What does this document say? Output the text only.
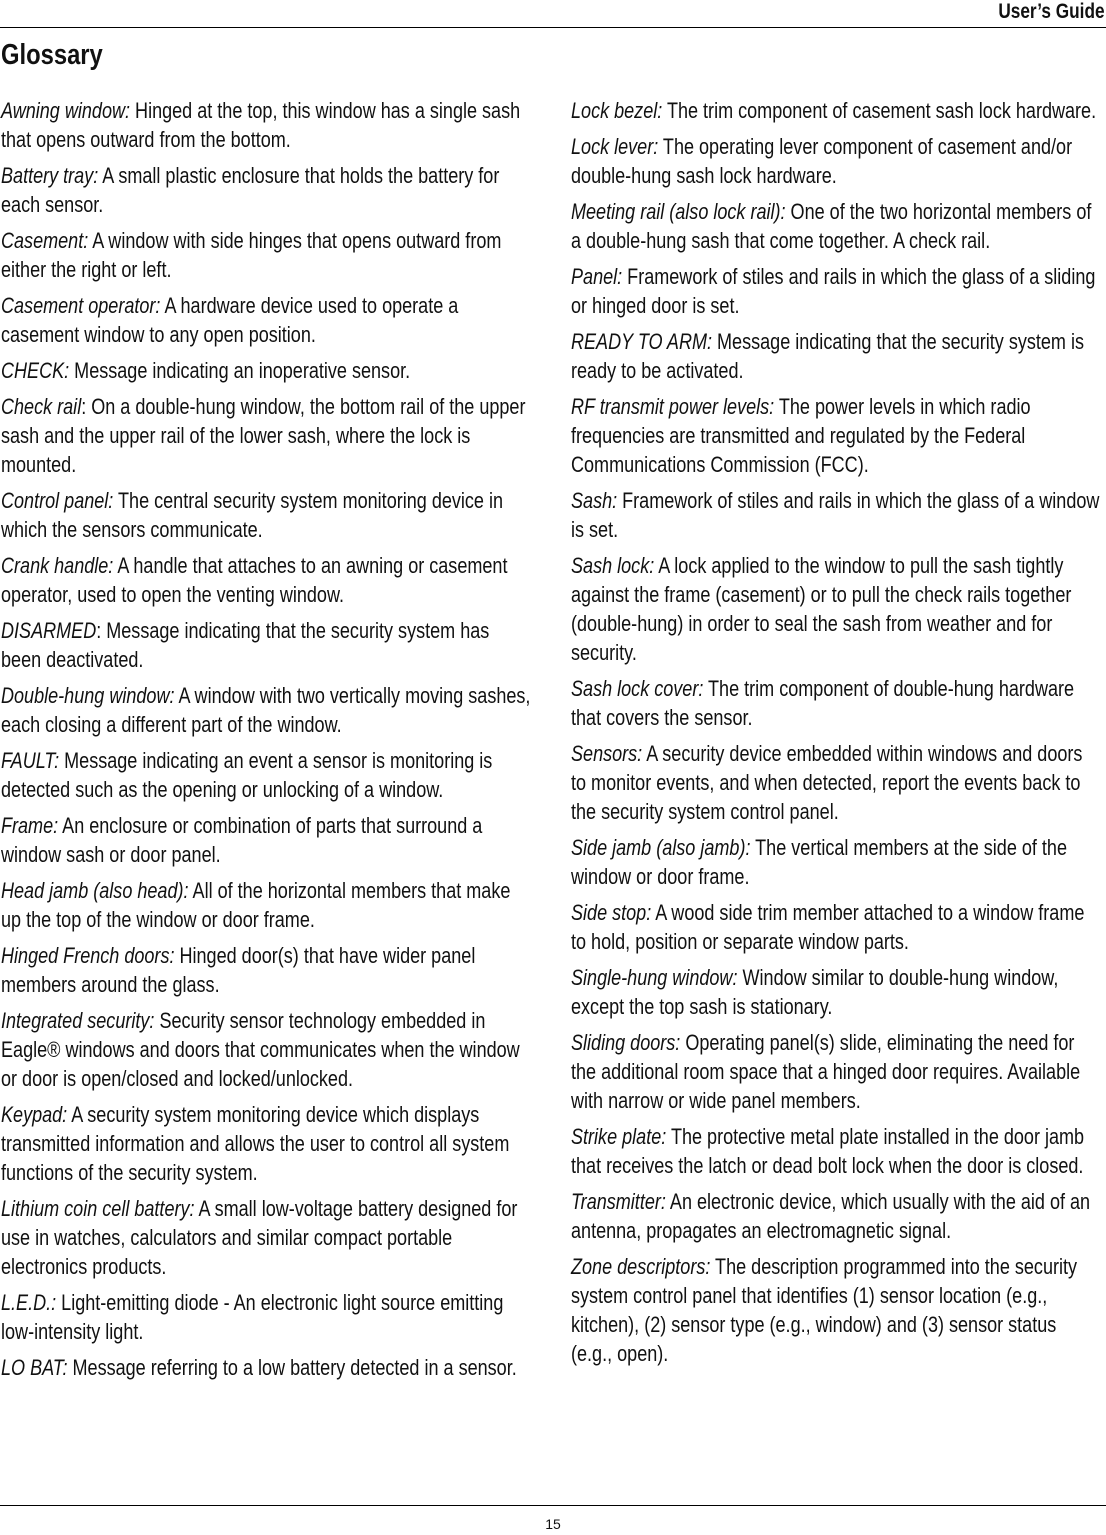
User’s Guide
Glossary

Awning window: Hinged at the top, this window has a single sash that opens outward from the bottom.

Battery tray: A small plastic enclosure that holds the battery for each sensor.

Casement: A window with side hinges that opens outward from either the right or left.

Casement operator: A hardware device used to operate a casement window to any open position.

CHECK: Message indicating an inoperative sensor.

Check rail: On a double-hung window, the bottom rail of the upper sash and the upper rail of the lower sash, where the lock is mounted.

Control panel: The central security system monitoring device in which the sensors communicate.

Crank handle: A handle that attaches to an awning or casement operator, used to open the venting window.

DISARMED: Message indicating that the security system has been deactivated.

Double-hung window: A window with two vertically moving sashes, each closing a different part of the window.

FAULT: Message indicating an event a sensor is monitoring is detected such as the opening or unlocking of a window.

Frame: An enclosure or combination of parts that surround a window sash or door panel.

Head jamb (also head): All of the horizontal members that make up the top of the window or door frame.

Hinged French doors: Hinged door(s) that have wider panel members around the glass.

Integrated security: Security sensor technology embedded in Eagle® windows and doors that communicates when the window or door is open/closed and locked/unlocked.

Keypad: A security system monitoring device which displays transmitted information and allows the user to control all system functions of the security system.

Lithium coin cell battery: A small low-voltage battery designed for use in watches, calculators and similar compact portable electronics products.

L.E.D.: Light-emitting diode - An electronic light source emitting low-intensity light.

LO BAT: Message referring to a low battery detected in a sensor.

Lock bezel: The trim component of casement sash lock hardware.

Lock lever: The operating lever component of casement and/or double-hung sash lock hardware.

Meeting rail (also lock rail): One of the two horizontal members of a double-hung sash that come together. A check rail.

Panel: Framework of stiles and rails in which the glass of a sliding or hinged door is set.

READY TO ARM: Message indicating that the security system is ready to be activated.

RF transmit power levels: The power levels in which radio frequencies are transmitted and regulated by the Federal Communications Commission (FCC).

Sash: Framework of stiles and rails in which the glass of a window is set.

Sash lock: A lock applied to the window to pull the sash tightly against the frame (casement) or to pull the check rails together (double-hung) in order to seal the sash from weather and for security.

Sash lock cover: The trim component of double-hung hardware that covers the sensor.

Sensors: A security device embedded within windows and doors to monitor events, and when detected, report the events back to the security system control panel.

Side jamb (also jamb): The vertical members at the side of the window or door frame.

Side stop: A wood side trim member attached to a window frame to hold, position or separate window parts.

Single-hung window: Window similar to double-hung window, except the top sash is stationary.

Sliding doors: Operating panel(s) slide, eliminating the need for the additional room space that a hinged door requires. Available with narrow or wide panel members.

Strike plate: The protective metal plate installed in the door jamb that receives the latch or dead bolt lock when the door is closed.

Transmitter: An electronic device, which usually with the aid of an antenna, propagates an electromagnetic signal.

Zone descriptors: The description programmed into the security system control panel that identifies (1) sensor location (e.g., kitchen), (2) sensor type (e.g., window) and (3) sensor status (e.g., open).

15
